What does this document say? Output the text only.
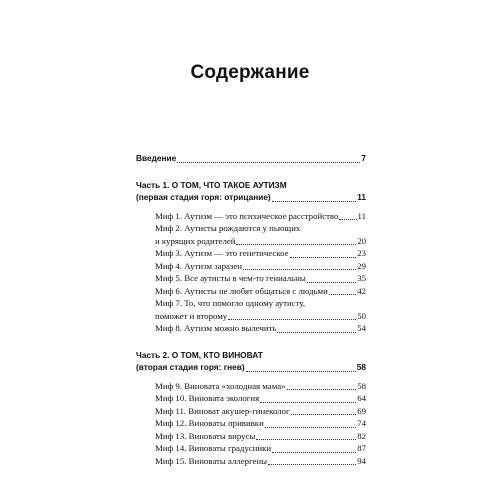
Содержание
Введение	7
Часть 1. О ТОМ, ЧТО ТАКОЕ АУТИЗМ
(первая стадия горя: отрицание)	11
Миф 1. Аутизм — это психическое расстройство 11
Миф 2. Аутисты рождаются у пьющих
и курящих родителей	20
Миф 3. Аутизм — это генетическое	23
Миф 4. Аутизм заразен	29
Миф 5. Все аутисты в чем-то гениальны	35
Миф 6. Аутисты не любят общаться с людьми	42
Миф 7. То, что помогло одному аутисту,
поможет и второму	50
Миф 8. Аутизм можно вылечить	54
Часть 2. О ТОМ, КТО ВИНОВАТ
(вторая стадия горя: гнев)	58
Миф 9. Виновата «холодная мама»	58
Миф 10. Виновата экология	64
Миф 11. Виноват акушер-гинеколог	69
Миф 12. Виноваты прививки	74
Миф 13. Виноваты вирусы	82
Миф 14. Виноваты градусники	87
Миф 15. Виноваты аллергены	94
